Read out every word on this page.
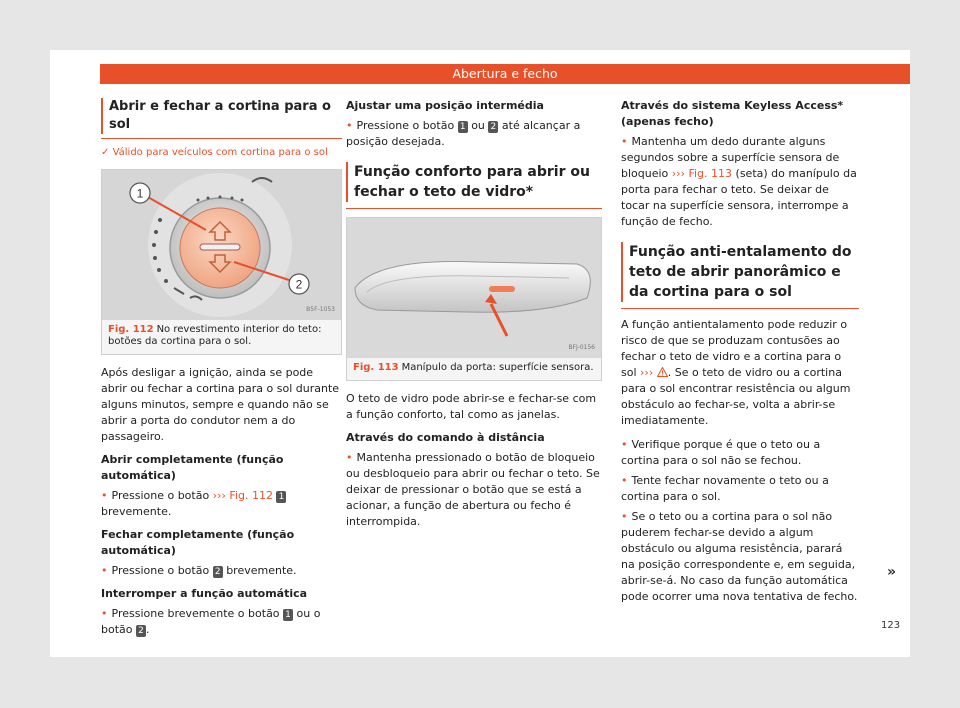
Abertura e fecho
Abrir e fechar a cortina para o sol

✓ Válido para veículos com cortina para o sol

1
2
B5F-1053
Fig. 112 No revestimento interior do teto: botões da cortina para o sol.

Após desligar a ignição, ainda se pode abrir ou fechar a cortina para o sol durante alguns minutos, sempre e quando não se abrir a porta do condutor nem a do passageiro.

Abrir completamente (função automática)

• Pressione o botão ››› Fig. 112 1 brevemente.

Fechar completamente (função automática)

• Pressione o botão 2 brevemente.

Interromper a função automática

• Pressione brevemente o botão 1 ou o botão 2 .

Ajustar uma posição intermédia

• Pressione o botão 1 ou 2 até alcançar a posição desejada.

Função conforto para abrir ou fechar o teto de vidro*
BFJ-0156
Fig. 113 Manípulo da porta: superfície sensora.

O teto de vidro pode abrir-se e fechar-se com a função conforto, tal como as janelas.

Através do comando à distância

• Mantenha pressionado o botão de bloqueio ou desbloqueio para abrir ou fechar o teto. Se deixar de pressionar o botão que se está a acionar, a função de abertura ou fecho é interrompida.

Através do sistema Keyless Access* (apenas fecho)

• Mantenha um dedo durante alguns segundos sobre a superfície sensora de bloqueio ››› Fig. 113 (seta) do manípulo da porta para fechar o teto. Se deixar de tocar na superfície sensora, interrompe a função de fecho.

Função anti-entalamento do teto de abrir panorâmico e da cortina para o sol

A função antientalamento pode reduzir o risco de que se produzam contusões ao fechar o teto de vidro e a cortina para o sol ››› . Se o teto de vidro ou a cortina para o sol encontrar resistência ou algum obstáculo ao fechar-se, volta a abrir-se imediatamente.

• Verifique porque é que o teto ou a cortina para o sol não se fechou.

• Tente fechar novamente o teto ou a cortina para o sol.

• Se o teto ou a cortina para o sol não puderem fechar-se devido a algum obstáculo ou alguma resistência, parará na posição correspondente e, em seguida, abrir-se-á. No caso da função automática pode ocorrer uma nova tentativa de fecho.

»
123
